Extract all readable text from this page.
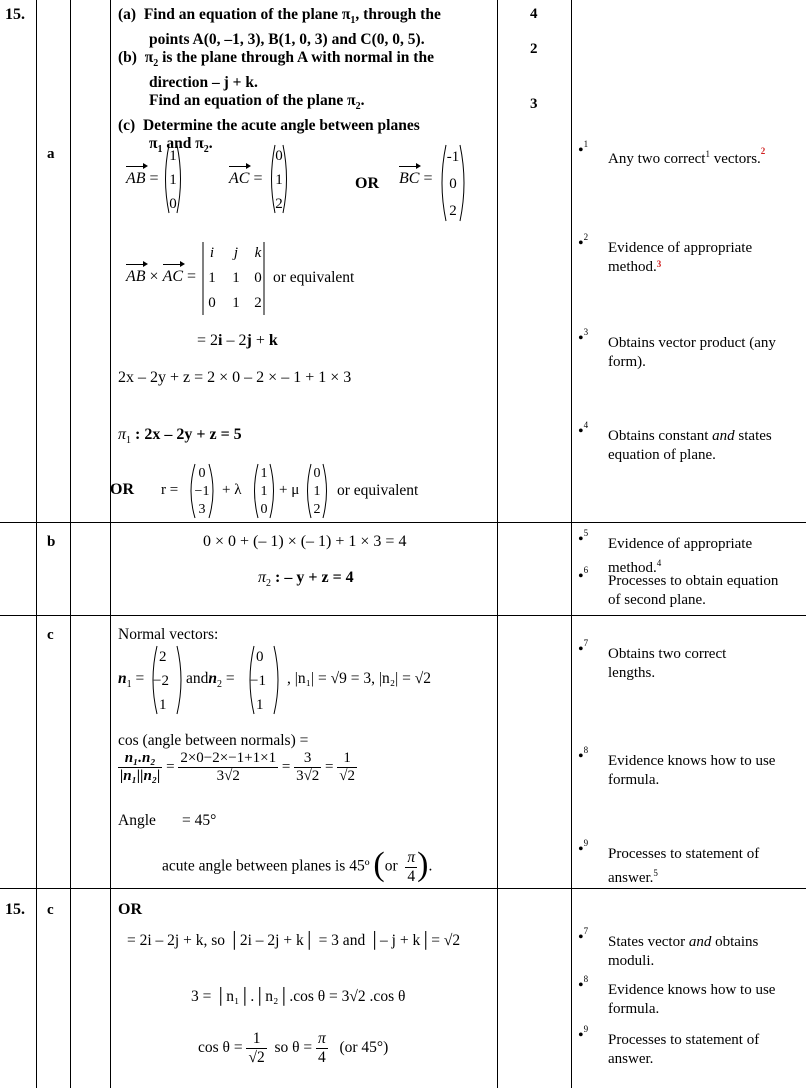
15.
15.
(a) Find an equation of the plane $\pi_1$, through the
points A(0, –1, 3), B(1, 0, 3) and C(0, 0, 5).
(b) $\pi_2$ is the plane through A with normal in the
direction – j + k.
Find an equation of the plane $\pi_2$.
(c) Determine the acute angle between planes
$\pi_1$ and $\pi_2$.
4
2
3
a
b
c
c
AB =
1
1
0
AC =
0
1
2
OR BC =
-1
0
2
AB × AC =
i j k
1 1 0
0 1 2
or equivalent
= 2i – 2j + k
2x – 2y + z = 2 × 0 – 2 × – 1 + 1 × 3
$\pi_1$ : 2x – 2y + z = 5
OR r =
0
−1
3
+ λ
1
1
0
+ μ
0
1
2
or equivalent
0 × 0 + (– 1) × (– 1) + 1 × 3 = 4
$\pi_2$ : – y + z = 4
Normal vectors:
$n_1$ =
2
−2
1
andn$_2$ =
0
−1
1
, |n₁| = √9 = 3, |n₂| = √2
cos (angle between normals) =
$\frac{\text{n₁.n₂}}{\text{|n₁||n₂|}} = \frac{2\times 0-2\times-1+1\times 1}{3√2} = \frac{3}{3√2} = \frac{1}{√2}$
Angle = 45°
acute angle between planes is 45º ($or \frac{\pi}{4}$ ).
OR
= 2i – 2j + k, so │2i – 2j + k│ = 3 and │– j + k│= √2
3 = │n₁│.│n₂│.cos θ = 3√2 .cos θ
$\cos \theta = \frac{1}{√2}$ so $\theta = \frac{\pi}{4} (or$ 45°)
•$^1$
Any two correct$^1$ vectors.$^2$
•$^2$
Evidence of appropriate method.$^3$
•$^3$
Obtains vector product (any form).
•$^4$
Obtains constant and states equation of plane.
•$^5$
Evidence of appropriate method.$^4$
•$^6$
Processes to obtain equation of second plane.
•$^7$
Obtains two correct lengths.
•$^8$
Evidence knows how to use formula.
•$^9$
Processes to statement of answer.$^5$
•$^7$
States vector and obtains moduli.
•$^8$
Evidence knows how to use formula.
•$^9$
Processes to statement of answer.
